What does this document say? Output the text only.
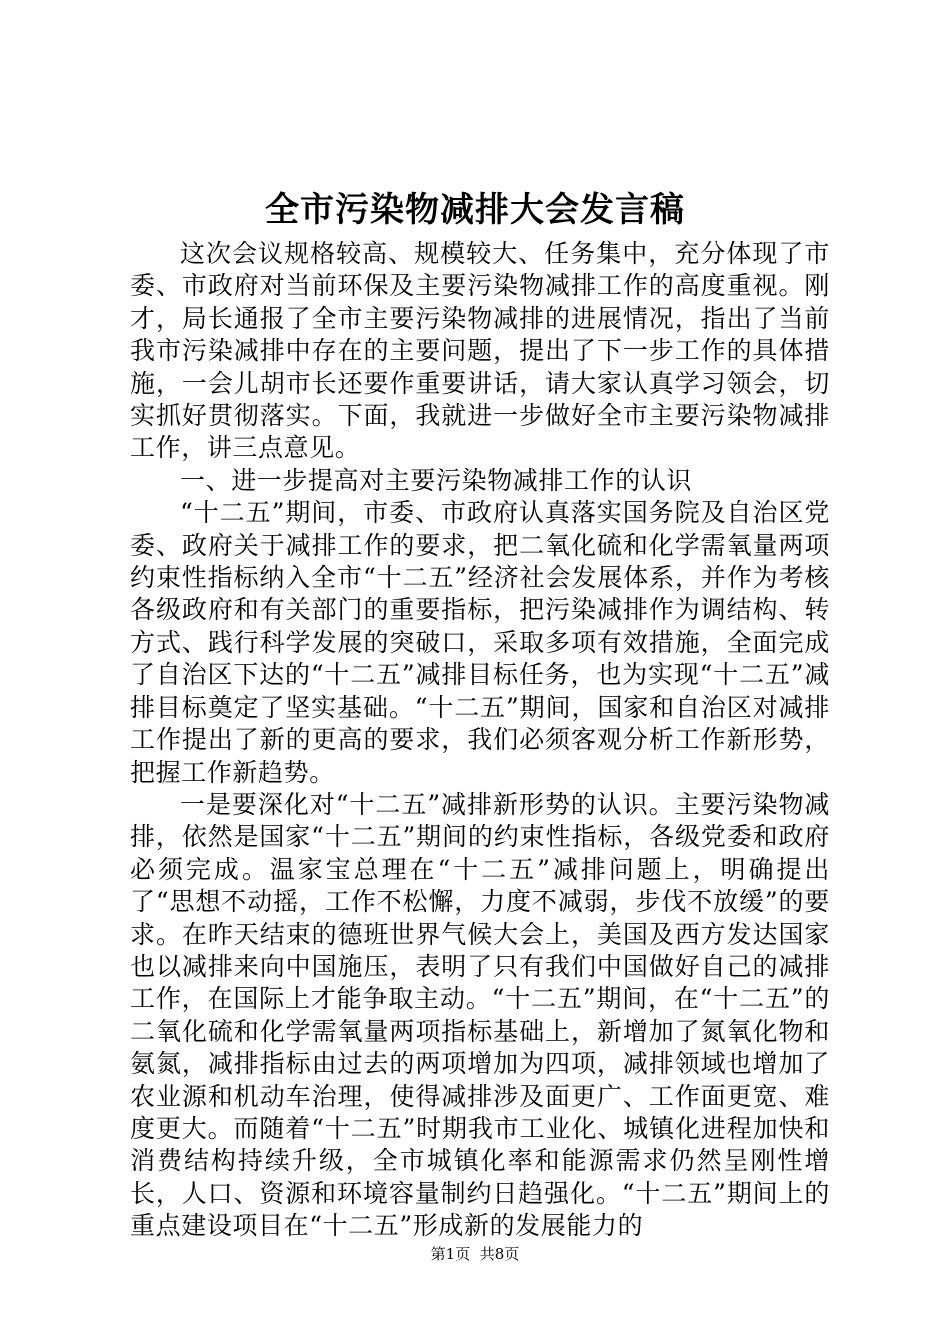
全市污染物减排大会发言稿

这次会议规格较高、规模较大、任务集中，充分体现了市委、市政府对当前环保及主要污染物减排工作的高度重视。刚才，局长通报了全市主要污染物减排的进展情况，指出了当前我市污染减排中存在的主要问题，提出了下一步工作的具体措施，一会儿胡市长还要作重要讲话，请大家认真学习领会，切实抓好贯彻落实。下面，我就进一步做好全市主要污染物减排工作，讲三点意见。

一、进一步提高对主要污染物减排工作的认识

“十二五”期间，市委、市政府认真落实国务院及自治区党委、政府关于减排工作的要求，把二氧化硫和化学需氧量两项约束性指标纳入全市“十二五”经济社会发展体系，并作为考核各级政府和有关部门的重要指标，把污染减排作为调结构、转方式、践行科学发展的突破口，采取多项有效措施，全面完成了自治区下达的“十二五”减排目标任务，也为实现“十二五”减排目标奠定了坚实基础。“十二五”期间，国家和自治区对减排工作提出了新的更高的要求，我们必须客观分析工作新形势，把握工作新趋势。

一是要深化对“十二五”减排新形势的认识。主要污染物减排，依然是国家“十二五”期间的约束性指标，各级党委和政府必须完成。温家宝总理在“十二五”减排问题上，明确提出了“思想不动摇，工作不松懈，力度不减弱，步伐不放缓”的要求。在昨天结束的德班世界气候大会上，美国及西方发达国家也以减排来向中国施压，表明了只有我们中国做好自己的减排工作，在国际上才能争取主动。“十二五”期间，在“十二五”的二氧化硫和化学需氧量两项指标基础上，新增加了氮氧化物和氨氮，减排指标由过去的两项增加为四项，减排领域也增加了农业源和机动车治理，使得减排涉及面更广、工作面更宽、难度更大。而随着“十二五”时期我市工业化、城镇化进程加快和消费结构持续升级，全市城镇化率和能源需求仍然呈刚性增长，人口、资源和环境容量制约日趋强化。“十二五”期间上的重点建设项目在“十二五”形成新的发展能力的

第1页 共8页
